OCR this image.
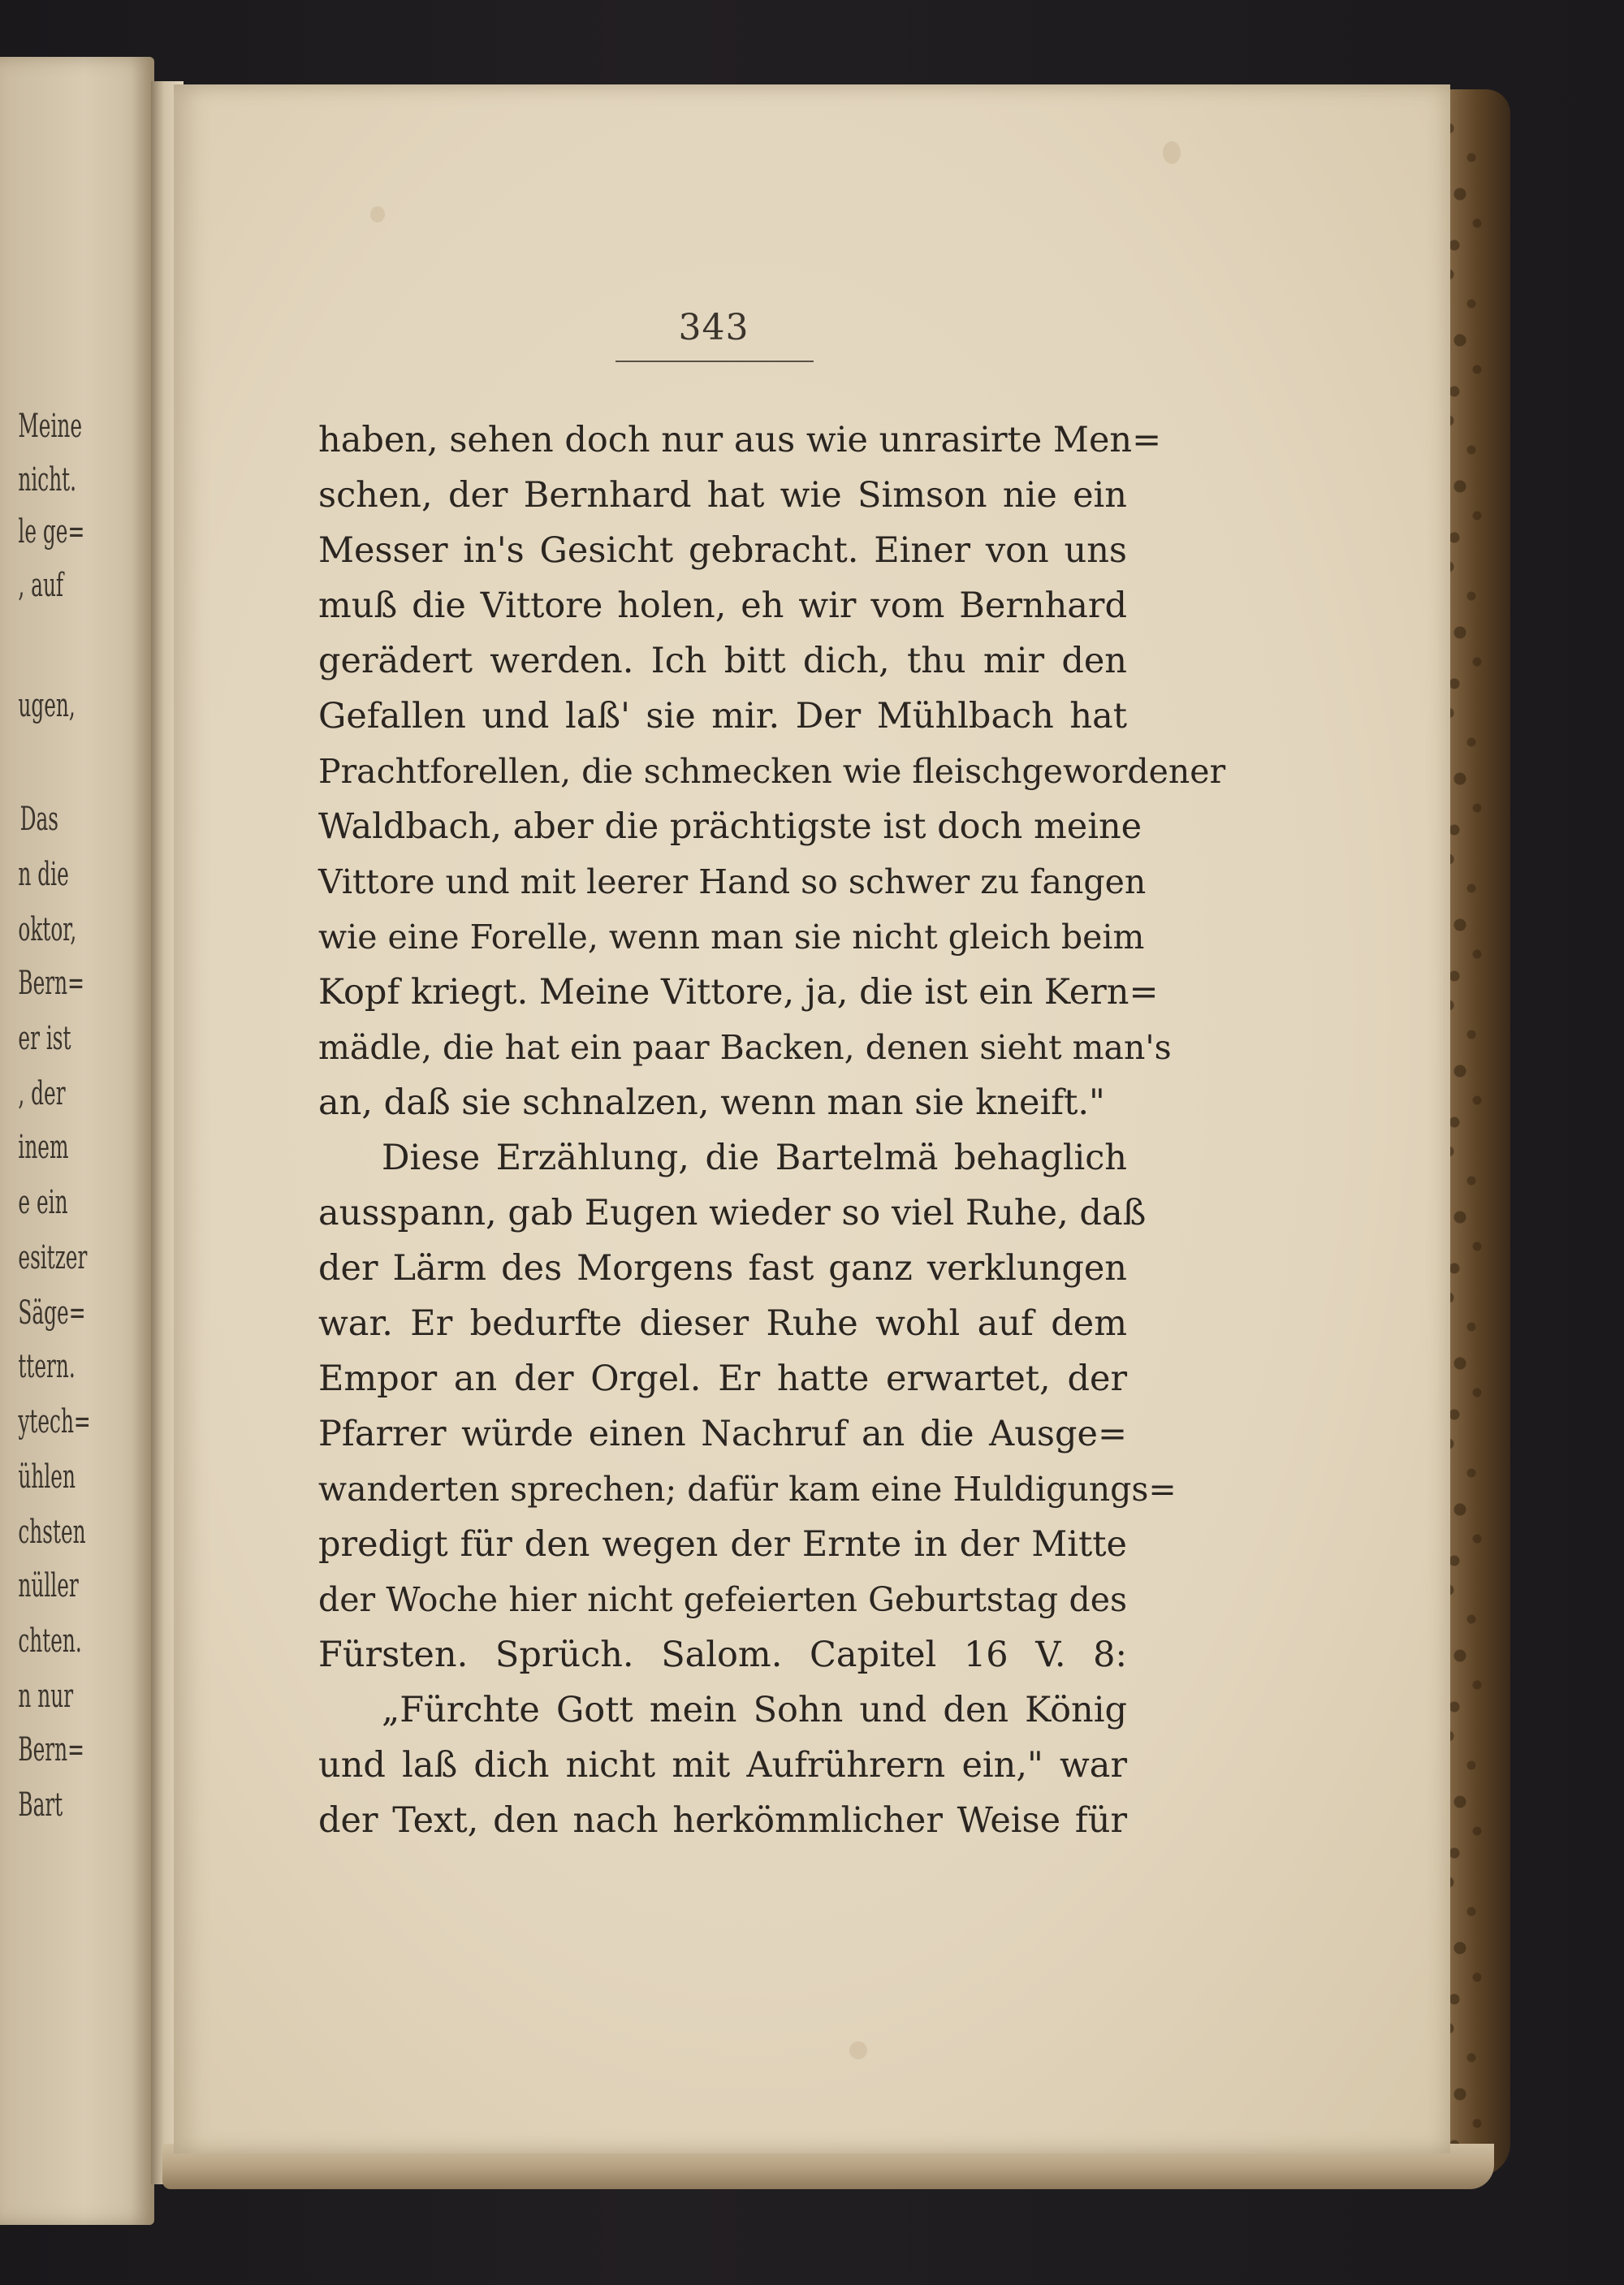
Meine
nicht.
le ge=
, auf
ugen,
Das
n die
oktor,
Bern=
er ist
, der
inem
e ein
esitzer
Säge=
ttern.
ytech=
ühlen
chsten
nüller
chten.
n nur
Bern=
Bart
343
haben, sehen doch nur aus wie unrasirte Men=
schen, der Bernhard hat wie Simson nie ein
Messer in's Gesicht gebracht. Einer von uns
muß die Vittore holen, eh wir vom Bernhard
gerädert werden. Ich bitt dich, thu mir den
Gefallen und laß' sie mir. Der Mühlbach hat
Prachtforellen, die schmecken wie fleischgewordener
Waldbach, aber die prächtigste ist doch meine
Vittore und mit leerer Hand so schwer zu fangen
wie eine Forelle, wenn man sie nicht gleich beim
Kopf kriegt. Meine Vittore, ja, die ist ein Kern=
mädle, die hat ein paar Backen, denen sieht man's
an, daß sie schnalzen, wenn man sie kneift."
Diese Erzählung, die Bartelmä behaglich
ausspann, gab Eugen wieder so viel Ruhe, daß
der Lärm des Morgens fast ganz verklungen
war. Er bedurfte dieser Ruhe wohl auf dem
Empor an der Orgel. Er hatte erwartet, der
Pfarrer würde einen Nachruf an die Ausge=
wanderten sprechen; dafür kam eine Huldigungs=
predigt für den wegen der Ernte in der Mitte
der Woche hier nicht gefeierten Geburtstag des
Fürsten. Sprüch. Salom. Capitel 16 V. 8:
„Fürchte Gott mein Sohn und den König
und laß dich nicht mit Aufrührern ein," war
der Text, den nach herkömmlicher Weise für
